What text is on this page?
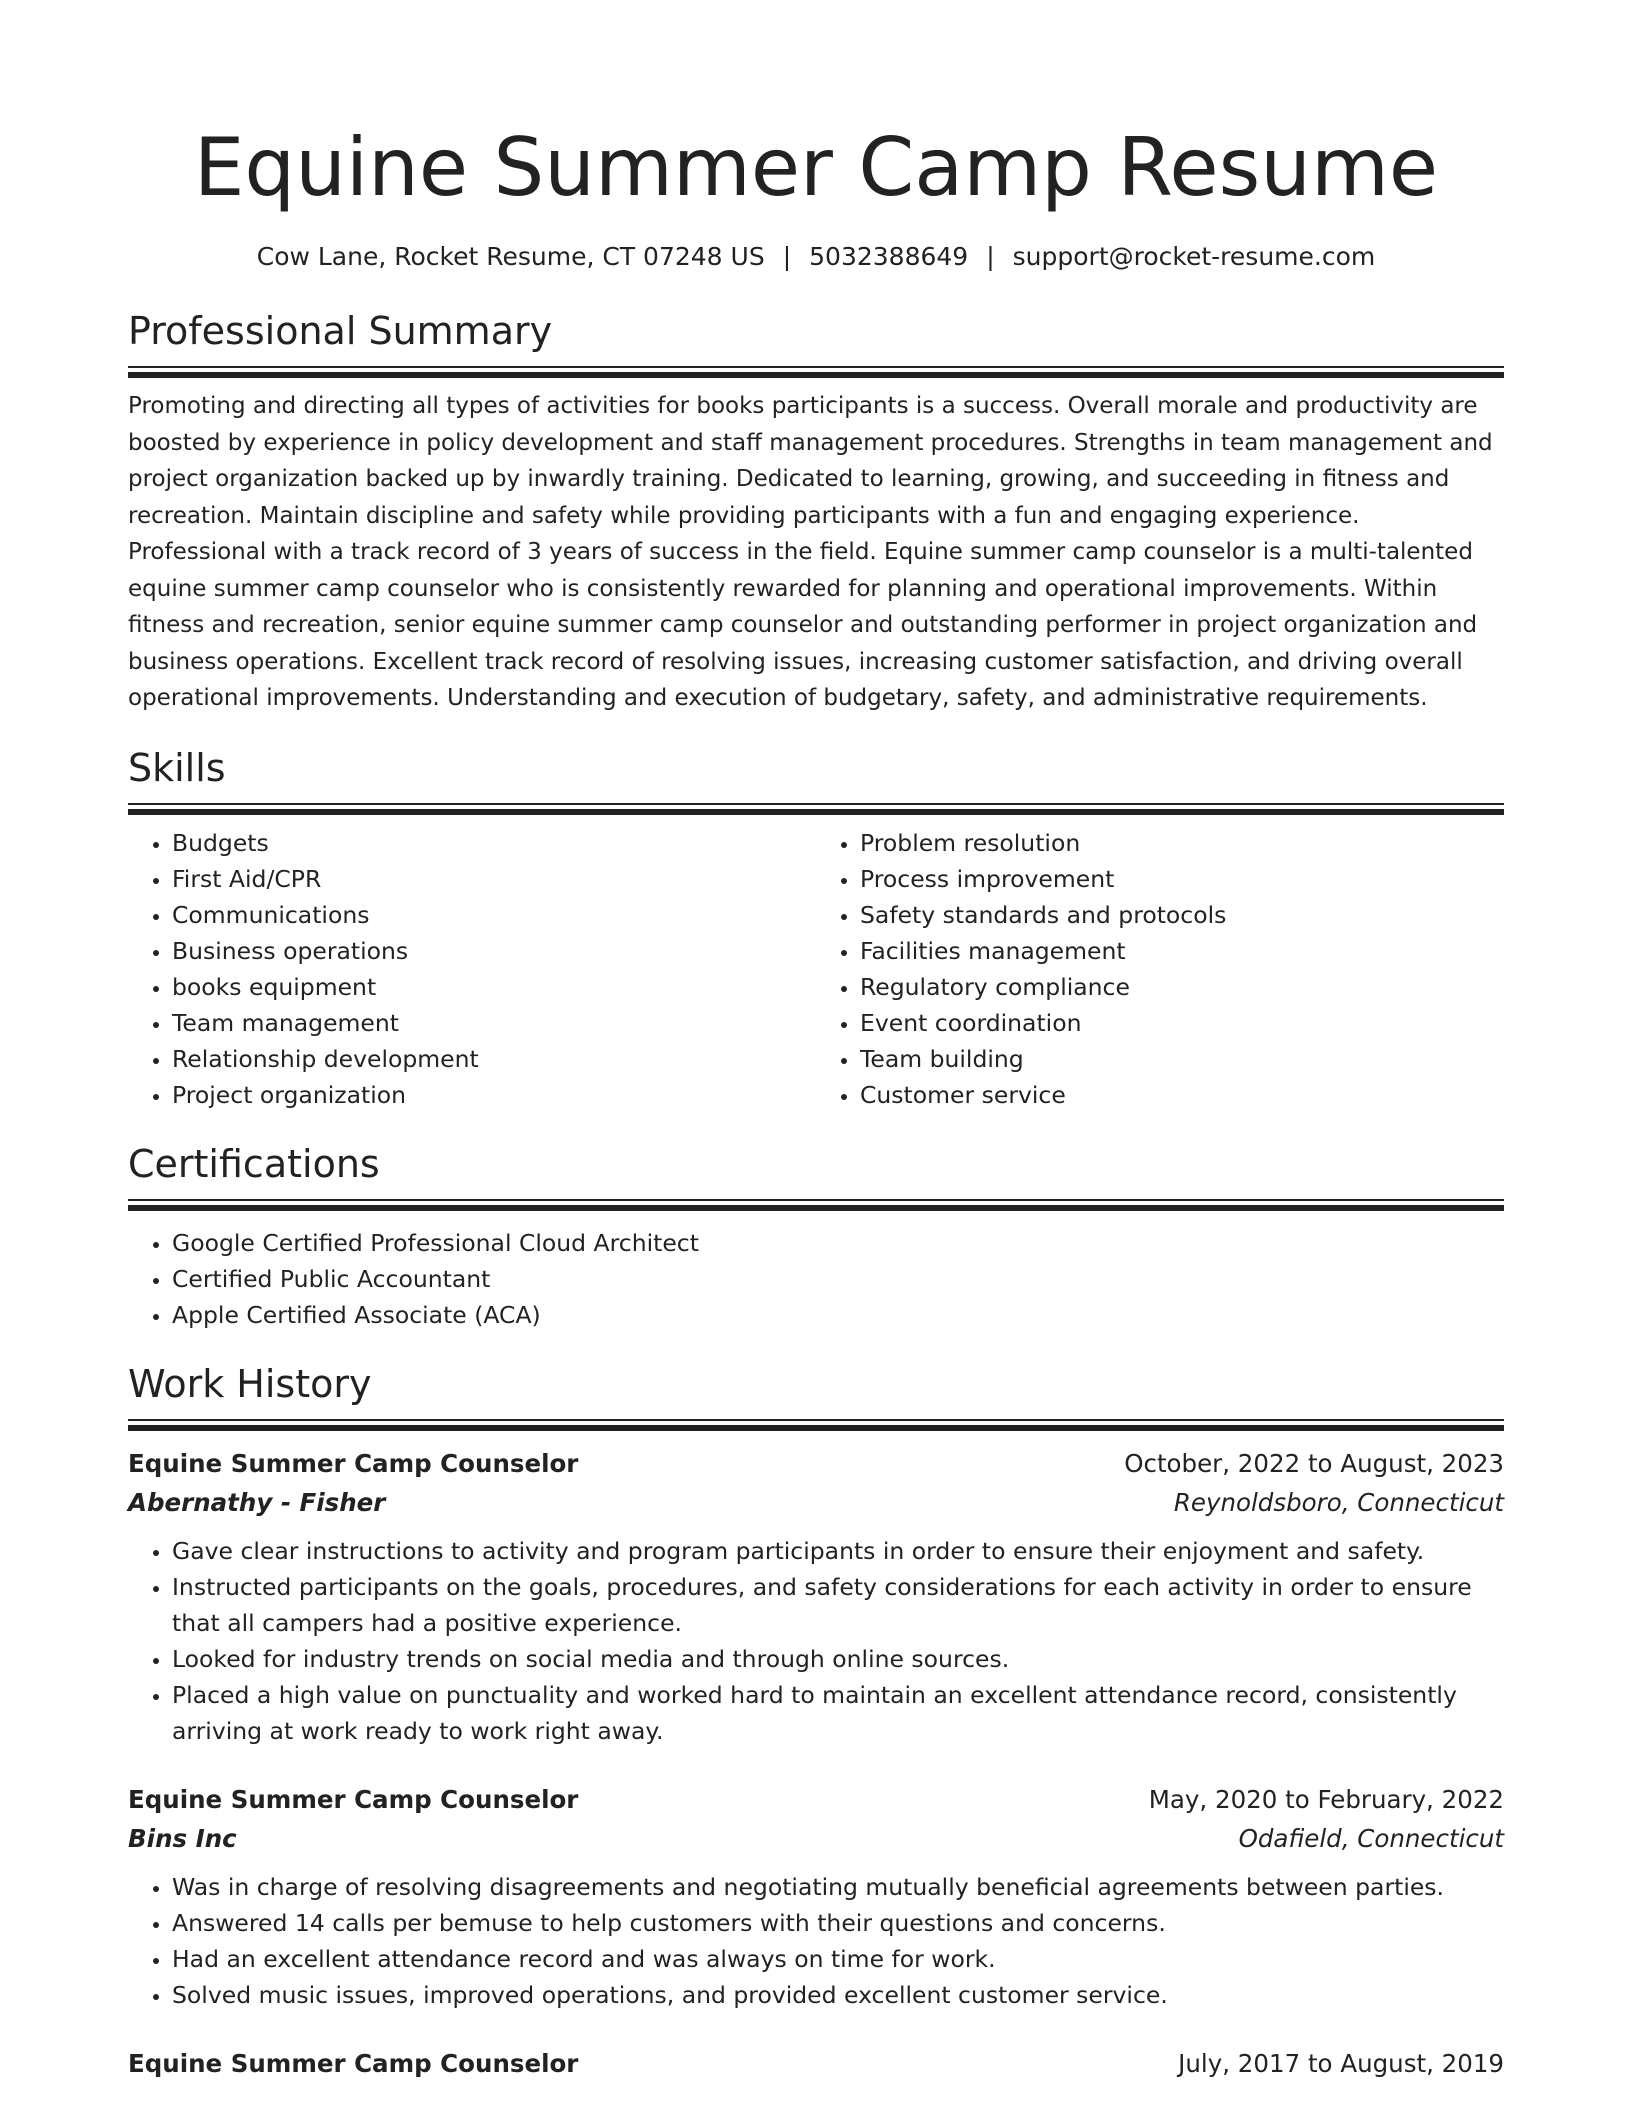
Equine Summer Camp Resume
Cow Lane, Rocket Resume, CT 07248 US | 5032388649 | support@rocket-resume.com
Professional Summary
Promoting and directing all types of activities for books participants is a success. Overall morale and productivity are boosted by experience in policy development and staff management procedures. Strengths in team management and project organization backed up by inwardly training. Dedicated to learning, growing, and succeeding in fitness and recreation. Maintain discipline and safety while providing participants with a fun and engaging experience. Professional with a track record of 3 years of success in the field. Equine summer camp counselor is a multi-talented equine summer camp counselor who is consistently rewarded for planning and operational improvements. Within fitness and recreation, senior equine summer camp counselor and outstanding performer in project organization and business operations. Excellent track record of resolving issues, increasing customer satisfaction, and driving overall operational improvements. Understanding and execution of budgetary, safety, and administrative requirements.
Skills
• Budgets
• First Aid/CPR
• Communications
• Business operations
• books equipment
• Team management
• Relationship development
• Project organization
• Problem resolution
• Process improvement
• Safety standards and protocols
• Facilities management
• Regulatory compliance
• Event coordination
• Team building
• Customer service
Certifications
• Google Certified Professional Cloud Architect
• Certified Public Accountant
• Apple Certified Associate (ACA)
Work History
Equine Summer Camp Counselor	October, 2022 to August, 2023
Abernathy - Fisher	Reynoldsboro, Connecticut
• Gave clear instructions to activity and program participants in order to ensure their enjoyment and safety.
• Instructed participants on the goals, procedures, and safety considerations for each activity in order to ensure that all campers had a positive experience.
• Looked for industry trends on social media and through online sources.
• Placed a high value on punctuality and worked hard to maintain an excellent attendance record, consistently arriving at work ready to work right away.
Equine Summer Camp Counselor	May, 2020 to February, 2022
Bins Inc	Odafield, Connecticut
• Was in charge of resolving disagreements and negotiating mutually beneficial agreements between parties.
• Answered 14 calls per bemuse to help customers with their questions and concerns.
• Had an excellent attendance record and was always on time for work.
• Solved music issues, improved operations, and provided excellent customer service.
Equine Summer Camp Counselor	July, 2017 to August, 2019
